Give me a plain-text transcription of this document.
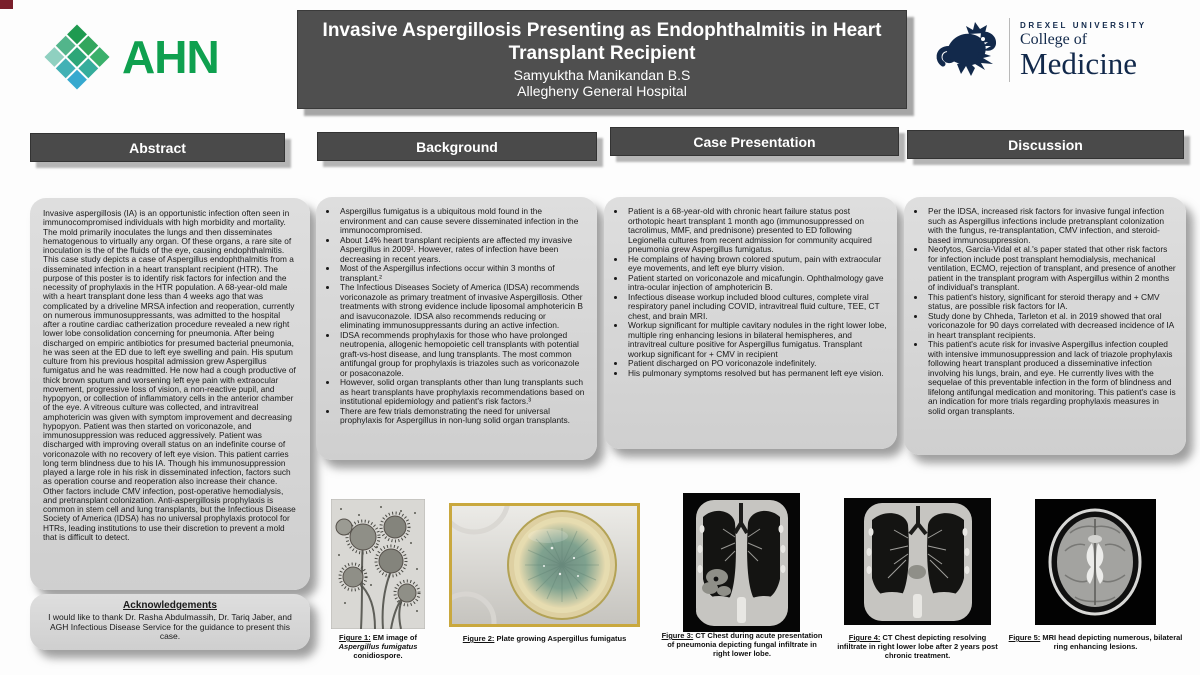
AHN
Invasive Aspergillosis Presenting as Endophthalmitis in Heart Transplant Recipient
Samyuktha Manikandan B.S
Allegheny General Hospital
DREXEL UNIVERSITY
College of
Medicine
Abstract	Background	Case Presentation	Discussion

Invasive aspergillosis (IA) is an opportunistic infection often seen in immunocompromised individuals with high morbidity and mortality. The mold primarily inoculates the lungs and then disseminates hematogenous to virtually any organ. Of these organs, a rare site of inoculation is the of the fluids of the eye, causing endophthalmitis. This case study depicts a case of Aspergillus endophthalmitis from a disseminated infection in a heart transplant recipient (HTR). The purpose of this poster is to identify risk factors for infection and the necessity of prophylaxis in the HTR population. A 68-year-old male with a heart transplant done less than 4 weeks ago that was complicated by a driveline MRSA infection and reoperation, currently on numerous immunosuppressants, was admitted to the hospital after a routine cardiac catherization procedure revealed a new right lower lobe consolidation concerning for pneumonia. After being discharged on empiric antibiotics for presumed bacterial pneumonia, he was seen at the ED due to left eye swelling and pain. His sputum culture from his previous hospital admission grew Aspergillus fumigatus and he was readmitted. He now had a cough productive of thick brown sputum and worsening left eye pain with extraocular movement, progressive loss of vision, a non-reactive pupil, and hypopyon, or collection of inflammatory cells in the anterior chamber of the eye. A vitreous culture was collected, and intravitreal amphotericin was given with symptom improvement and decreasing hypopyon. Patient was then started on voriconazole, and immunosuppression was reduced aggressively. Patient was discharged with improving overall status on an indefinite course of voriconazole with no recovery of left eye vision. This patient carries long term blindness due to his IA. Though his immunosuppression played a large role in his risk in disseminated infection, factors such as operation course and reoperation also increase their chance. Other factors include CMV infection, post-operative hemodialysis, and pretransplant colonization. Anti-aspergillosis prophylaxis is common in stem cell and lung transplants, but the Infectious Disease Society of America (IDSA) has no universal prophylaxis protocol for HTRs, leading institutions to use their discretion to prevent a mold that is difficult to detect.

Acknowledgements
I would like to thank Dr. Rasha Abdulmassih, Dr. Tariq Jaber, and AGH Infectious Disease Service for the guidance to present this case.
• Aspergillus fumigatus is a ubiquitous mold found in the environment and can cause severe disseminated infection in the immunocompromised.
• About 14% heart transplant recipients are affected my invasive Aspergillus in 2009¹. However, rates of infection have been decreasing in recent years.
• Most of the Aspergillus infections occur within 3 months of transplant.²
• The Infectious Diseases Society of America (IDSA) recommends voriconazole as primary treatment of invasive Aspergillosis. Other treatments with strong evidence include liposomal amphotericin B and isavuconazole. IDSA also recommends reducing or eliminating immunosuppressants during an active infection.
• IDSA recommends prophylaxis for those who have prolonged neutropenia, allogenic hemopoietic cell transplants with potential graft-vs-host disease, and lung transplants. The most common antifungal group for prophylaxis is triazoles such as voriconazole or posaconazole.
• However, solid organ transplants other than lung transplants such as heart transplants have prophylaxis recommendations based on institutional epidemiology and patient's risk factors.³
• There are few trials demonstrating the need for universal prophylaxis for Aspergillus in non-lung solid organ transplants.
• Patient is a 68-year-old with chronic heart failure status post orthotopic heart transplant 1 month ago (immunosuppressed on tacrolimus, MMF, and prednisone) presented to ED following Legionella cultures from recent admission for community acquired pneumonia grew Aspergillus fumigatus.
• He complains of having brown colored sputum, pain with extraocular eye movements, and left eye blurry vision.
• Patient started on voriconazole and micafungin. Ophthalmology gave intra-ocular injection of amphotericin B.
• Infectious disease workup included blood cultures, complete viral respiratory panel including COVID, intravitreal fluid culture, TEE, CT chest, and brain MRI.
• Workup significant for multiple cavitary nodules in the right lower lobe, multiple ring enhancing lesions in bilateral hemispheres, and intravitreal culture positive for Aspergillus fumigatus. Transplant workup significant for + CMV in recipient
• Patient discharged on PO voriconazole indefinitely.
• His pulmonary symptoms resolved but has permanent left eye vision.
• Per the IDSA, increased risk factors for invasive fungal infection such as Aspergillus infections include pretransplant colonization with the fungus, re-transplantation, CMV infection, and steroid-based immunosuppression.
• Neofytos, Garcia-Vidal et al.'s paper stated that other risk factors for infection include post transplant hemodialysis, mechanical ventilation, ECMO, rejection of transplant, and presence of another patient in the transplant program with Aspergillus within 2 months of individual's transplant.
• This patient's history, significant for steroid therapy and + CMV status, are possible risk factors for IA.
• Study done by Chheda, Tarleton et al. in 2019 showed that oral voriconazole for 90 days correlated with decreased incidence of IA in heart transplant recipients.
• This patient's acute risk for invasive Aspergillus infection coupled with intensive immunosuppression and lack of triazole prophylaxis following heart transplant produced a disseminative infection involving his lungs, brain, and eye. He currently lives with the sequelae of this preventable infection in the form of blindness and lifelong antifungal medication and monitoring. This patient's case is an indication for more trials regarding prophylaxis measures in solid organ transplants.
Figure 1: EM image of Aspergillus fumigatus conidiospore.
Figure 2: Plate growing Aspergillus fumigatus	Figure 3: CT Chest during acute presentation of pneumonia depicting fungal infiltrate in right lower lobe.
Figure 4: CT Chest depicting resolving infiltrate in right lower lobe after 2 years post chronic treatment.
Figure 5: MRI head depicting numerous, bilateral ring enhancing lesions.
